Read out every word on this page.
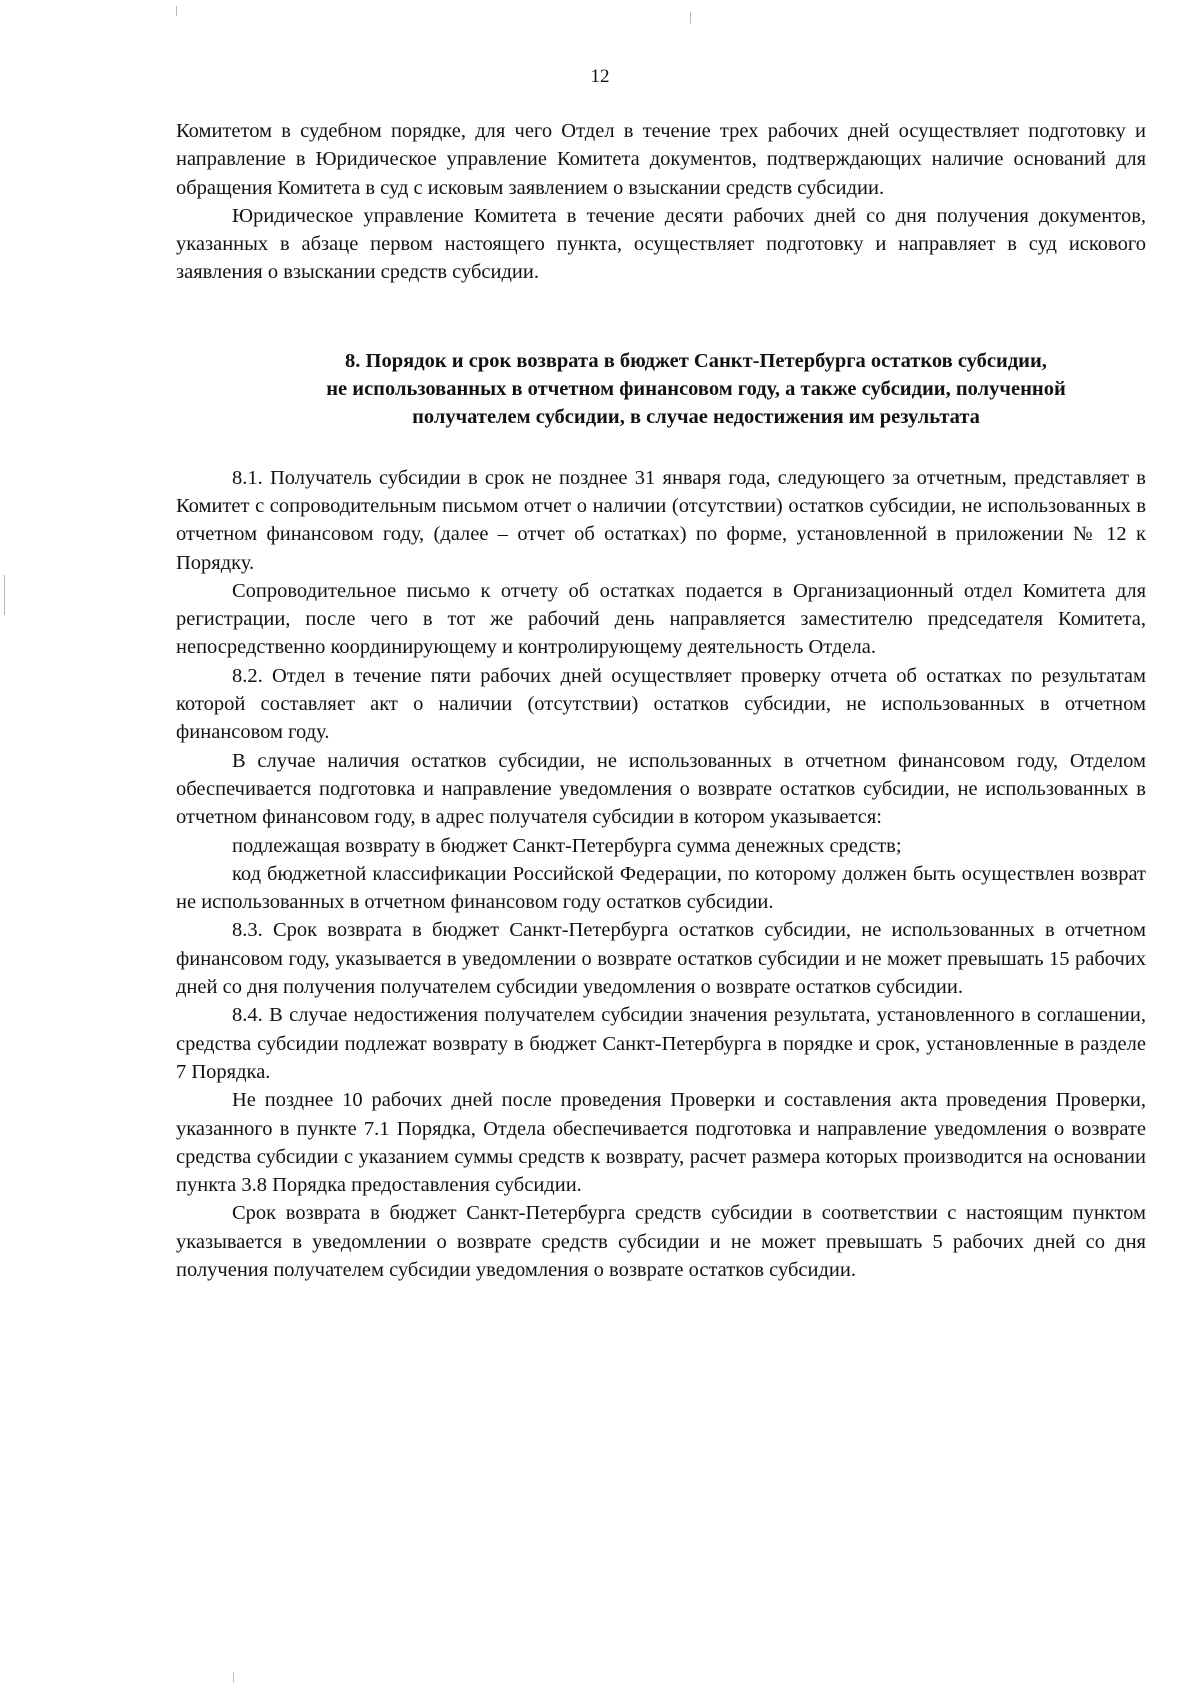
12

Комитетом в судебном порядке, для чего Отдел в течение трех рабочих дней осуществляет подготовку и направление в Юридическое управление Комитета документов, подтверждающих наличие оснований для обращения Комитета в суд с исковым заявлением о взыскании средств субсидии.

Юридическое управление Комитета в течение десяти рабочих дней со дня получения документов, указанных в абзаце первом настоящего пункта, осуществляет подготовку и направляет в суд искового заявления о взыскании средств субсидии.

8. Порядок и срок возврата в бюджет Санкт-Петербурга остатков субсидии,
не использованных в отчетном финансовом году, а также субсидии, полученной
получателем субсидии, в случае недостижения им результата

8.1. Получатель субсидии в срок не позднее 31 января года, следующего за отчетным, представляет в Комитет с сопроводительным письмом отчет о наличии (отсутствии) остатков субсидии, не использованных в отчетном финансовом году, (далее – отчет об остатках) по форме, установленной в приложении № 12 к Порядку.

Сопроводительное письмо к отчету об остатках подается в Организационный отдел Комитета для регистрации, после чего в тот же рабочий день направляется заместителю председателя Комитета, непосредственно координирующему и контролирующему деятельность Отдела.

8.2. Отдел в течение пяти рабочих дней осуществляет проверку отчета об остатках по результатам которой составляет акт о наличии (отсутствии) остатков субсидии, не использованных в отчетном финансовом году.

В случае наличия остатков субсидии, не использованных в отчетном финансовом году, Отделом обеспечивается подготовка и направление уведомления о возврате остатков субсидии, не использованных в отчетном финансовом году, в адрес получателя субсидии в котором указывается:

подлежащая возврату в бюджет Санкт-Петербурга сумма денежных средств;

код бюджетной классификации Российской Федерации, по которому должен быть осуществлен возврат не использованных в отчетном финансовом году остатков субсидии.

8.3. Срок возврата в бюджет Санкт-Петербурга остатков субсидии, не использованных в отчетном финансовом году, указывается в уведомлении о возврате остатков субсидии и не может превышать 15 рабочих дней со дня получения получателем субсидии уведомления о возврате остатков субсидии.

8.4. В случае недостижения получателем субсидии значения результата, установленного в соглашении, средства субсидии подлежат возврату в бюджет Санкт-Петербурга в порядке и срок, установленные в разделе 7 Порядка.

Не позднее 10 рабочих дней после проведения Проверки и составления акта проведения Проверки, указанного в пункте 7.1 Порядка, Отдела обеспечивается подготовка и направление уведомления о возврате средства субсидии с указанием суммы средств к возврату, расчет размера которых производится на основании пункта 3.8 Порядка предоставления субсидии.

Срок возврата в бюджет Санкт-Петербурга средств субсидии в соответствии с настоящим пунктом указывается в уведомлении о возврате средств субсидии и не может превышать 5 рабочих дней со дня получения получателем субсидии уведомления о возврате остатков субсидии.
